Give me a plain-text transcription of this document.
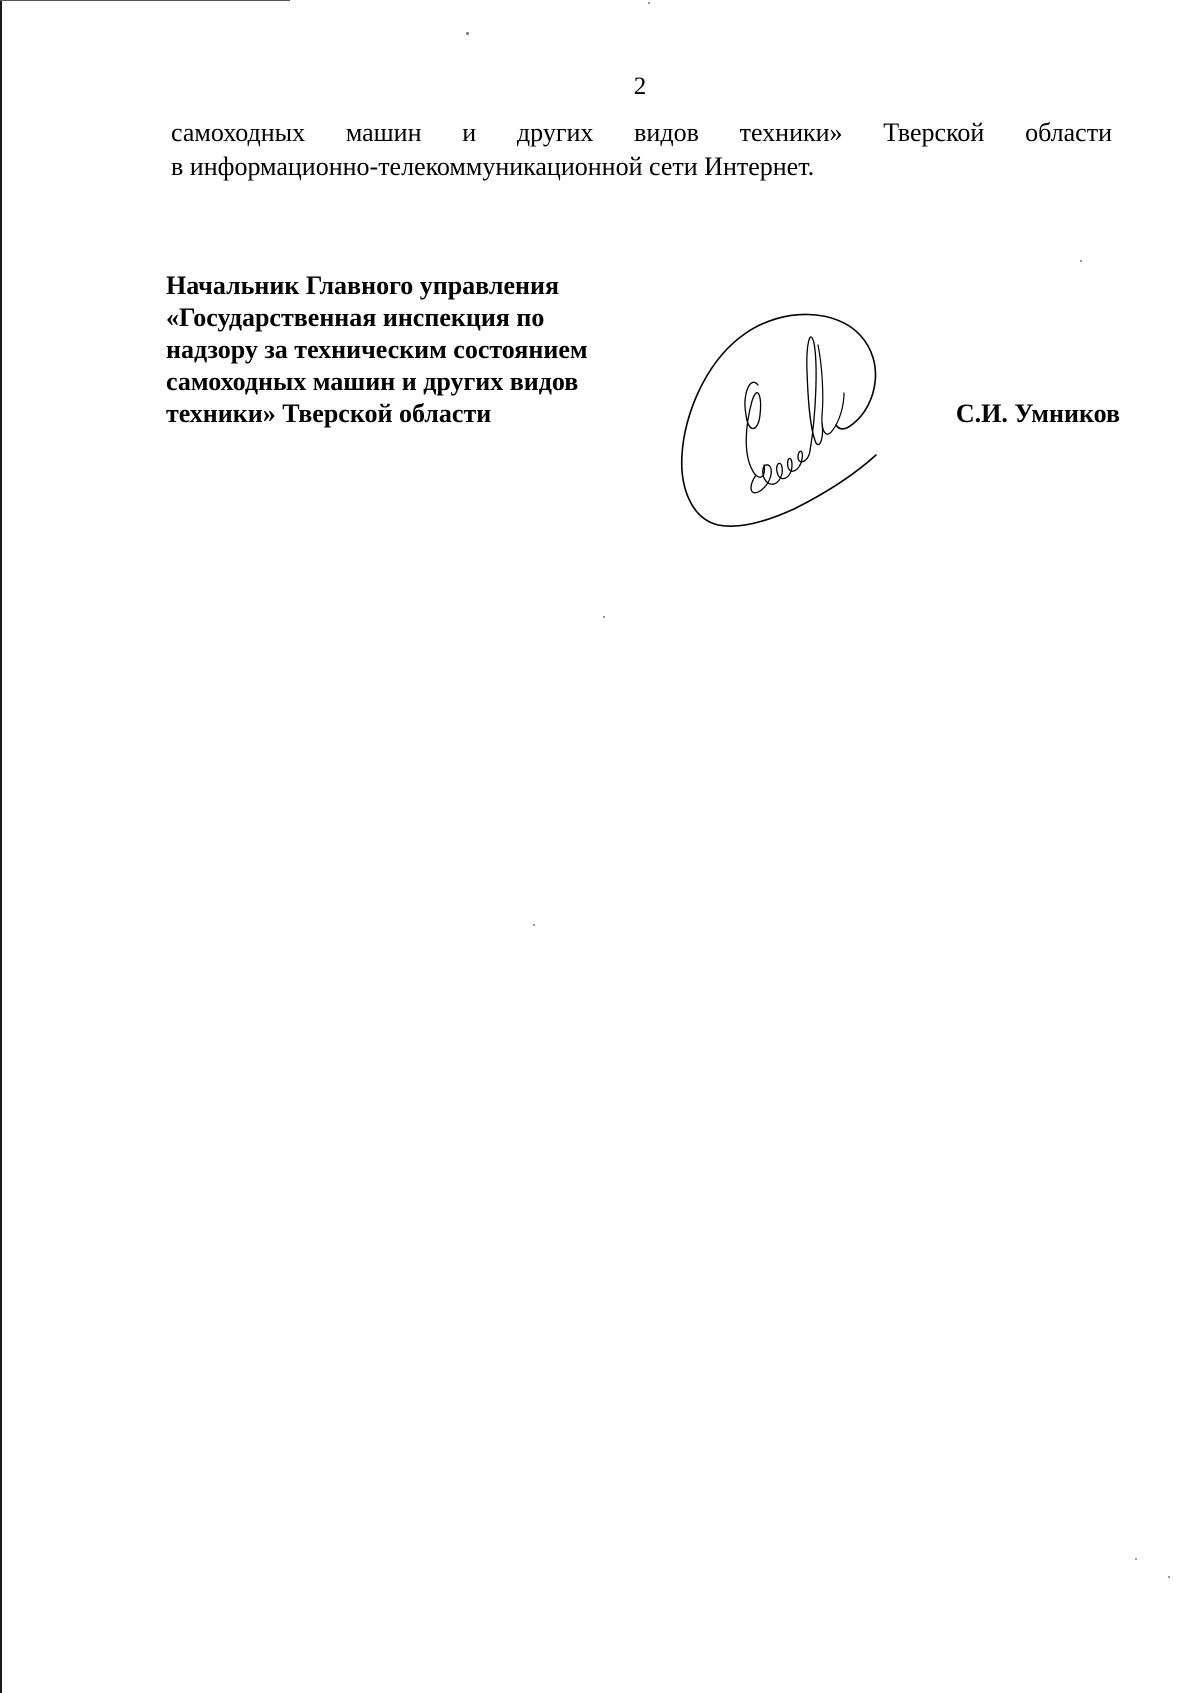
2
самоходных машин и других видов техники» Тверской области
в информационно-телекоммуникационной сети Интернет.
Начальник Главного управления
«Государственная инспекция по
надзору за техническим состоянием
самоходных машин и других видов
техники» Тверской области	С.И. Умников
